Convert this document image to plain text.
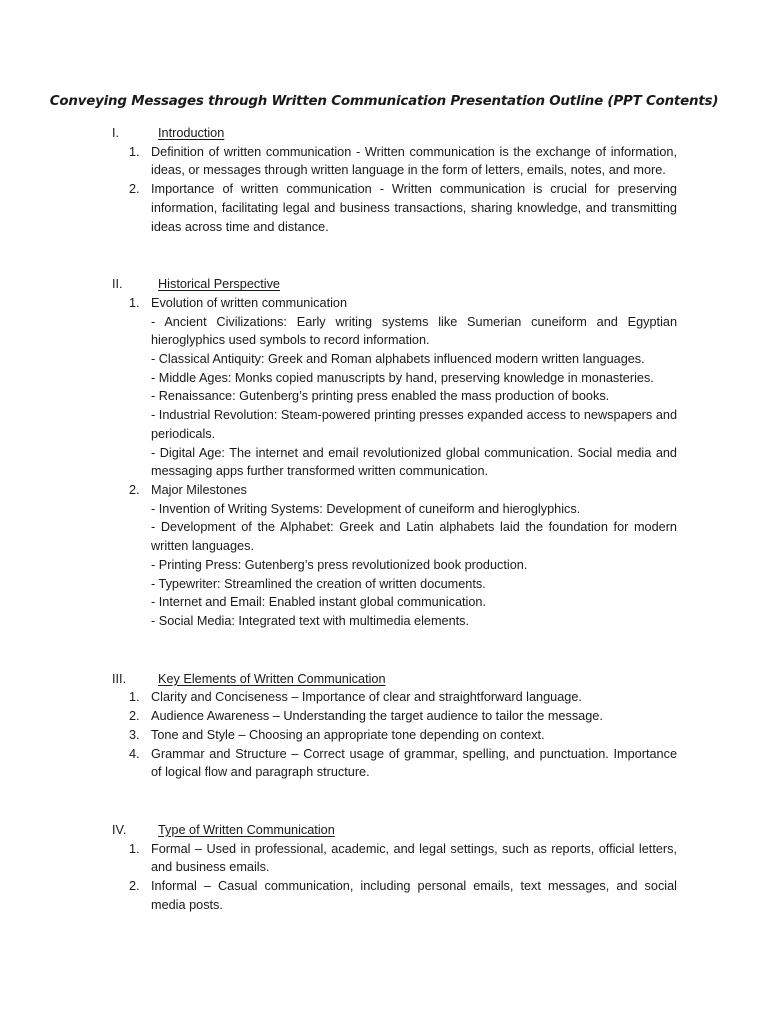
Conveying Messages through Written Communication Presentation Outline (PPT Contents)
I.	Introduction
1. Definition of written communication - Written communication is the exchange of information, ideas, or messages through written language in the form of letters, emails, notes, and more.
2. Importance of written communication - Written communication is crucial for preserving information, facilitating legal and business transactions, sharing knowledge, and transmitting ideas across time and distance.
II.	Historical Perspective
1. Evolution of written communication
- Ancient Civilizations: Early writing systems like Sumerian cuneiform and Egyptian hieroglyphics used symbols to record information.
- Classical Antiquity: Greek and Roman alphabets influenced modern written languages.
- Middle Ages: Monks copied manuscripts by hand, preserving knowledge in monasteries.
- Renaissance: Gutenberg’s printing press enabled the mass production of books.
- Industrial Revolution: Steam-powered printing presses expanded access to newspapers and periodicals.
- Digital Age: The internet and email revolutionized global communication. Social media and messaging apps further transformed written communication.
2. Major Milestones
- Invention of Writing Systems: Development of cuneiform and hieroglyphics.
- Development of the Alphabet: Greek and Latin alphabets laid the foundation for modern written languages.
- Printing Press: Gutenberg’s press revolutionized book production.
- Typewriter: Streamlined the creation of written documents.
- Internet and Email: Enabled instant global communication.
- Social Media: Integrated text with multimedia elements.
III.	Key Elements of Written Communication
1. Clarity and Conciseness – Importance of clear and straightforward language.
2. Audience Awareness – Understanding the target audience to tailor the message.
3. Tone and Style – Choosing an appropriate tone depending on context.
4. Grammar and Structure – Correct usage of grammar, spelling, and punctuation. Importance of logical flow and paragraph structure.
IV. Type of Written Communication
1. Formal – Used in professional, academic, and legal settings, such as reports, official letters, and business emails.
2. Informal – Casual communication, including personal emails, text messages, and social media posts.
